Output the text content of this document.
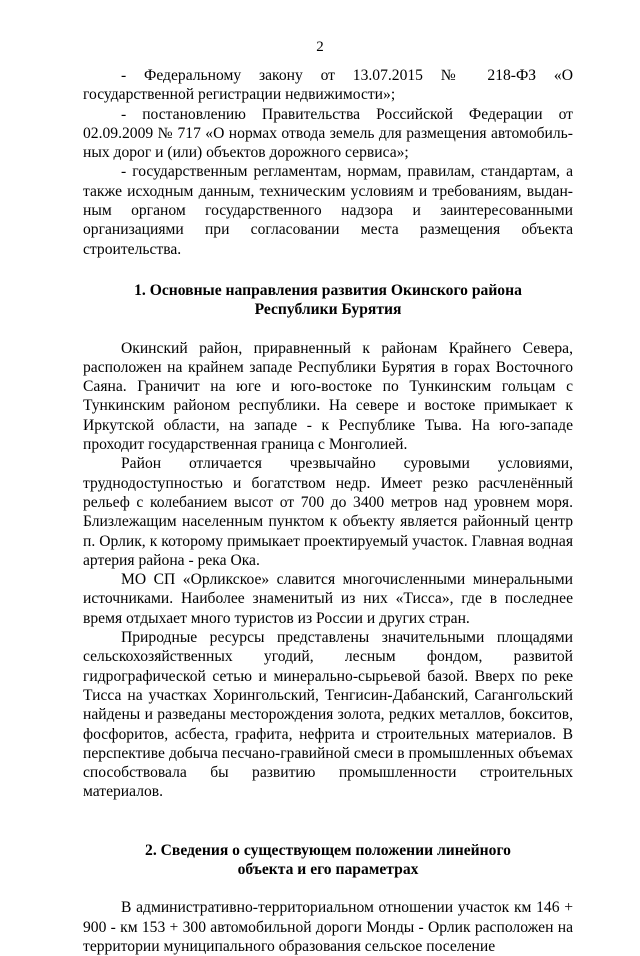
2

- Федеральному закону от 13.07.2015 № 218-ФЗ «О государственной регистрации недвижимости»;

- постановлению Правительства Российской Федерации от 02.09.2009 № 717 «О нормах отвода земель для размещения автомобильных дорог и (или) объектов дорожного сервиса»;

- государственным регламентам, нормам, правилам, стандартам, а также исходным данным, техническим условиям и требованиям, выданным органом государственного надзора и заинтересованными организациями при согласовании места размещения объекта строительства.

1. Основные направления развития Окинского района
Республики Бурятия

Окинский район, приравненный к районам Крайнего Севера, расположен на крайнем западе Республики Бурятия в горах Восточного Саяна. Граничит на юге и юго-востоке по Тункинским гольцам с Тункинским районом республики. На севере и востоке примыкает к Иркутской области, на западе - к Республике Тыва. На юго-западе проходит государственная граница с Монголией.

Район отличается чрезвычайно суровыми условиями, труднодоступностью и богатством недр. Имеет резко расчленённый рельеф с колебанием высот от 700 до 3400 метров над уровнем моря. Близлежащим населенным пунктом к объекту является районный центр п. Орлик, к которому примыкает проектируемый участок. Главная водная артерия района - река Ока.

МО СП «Орликское» славится многочисленными минеральными источниками. Наиболее знаменитый из них «Тисса», где в последнее время отдыхает много туристов из России и других стран.

Природные ресурсы представлены значительными площадями сельскохозяйственных угодий, лесным фондом, развитой гидрографической сетью и минерально-сырьевой базой. Вверх по реке Тисса на участках Хорингольский, Тенгисин-Дабанский, Сагангольский найдены и разведаны месторождения золота, редких металлов, бокситов, фосфоритов, асбеста, графита, нефрита и строительных материалов. В перспективе добыча песчано-гравийной смеси в промышленных объемах способствовала бы развитию промышленности строительных материалов.

2. Сведения о существующем положении линейного
объекта и его параметрах

В административно-территориальном отношении участок км 146 + 900 - км 153 + 300 автомобильной дороги Монды - Орлик расположен на территории муниципального образования сельское поселение
